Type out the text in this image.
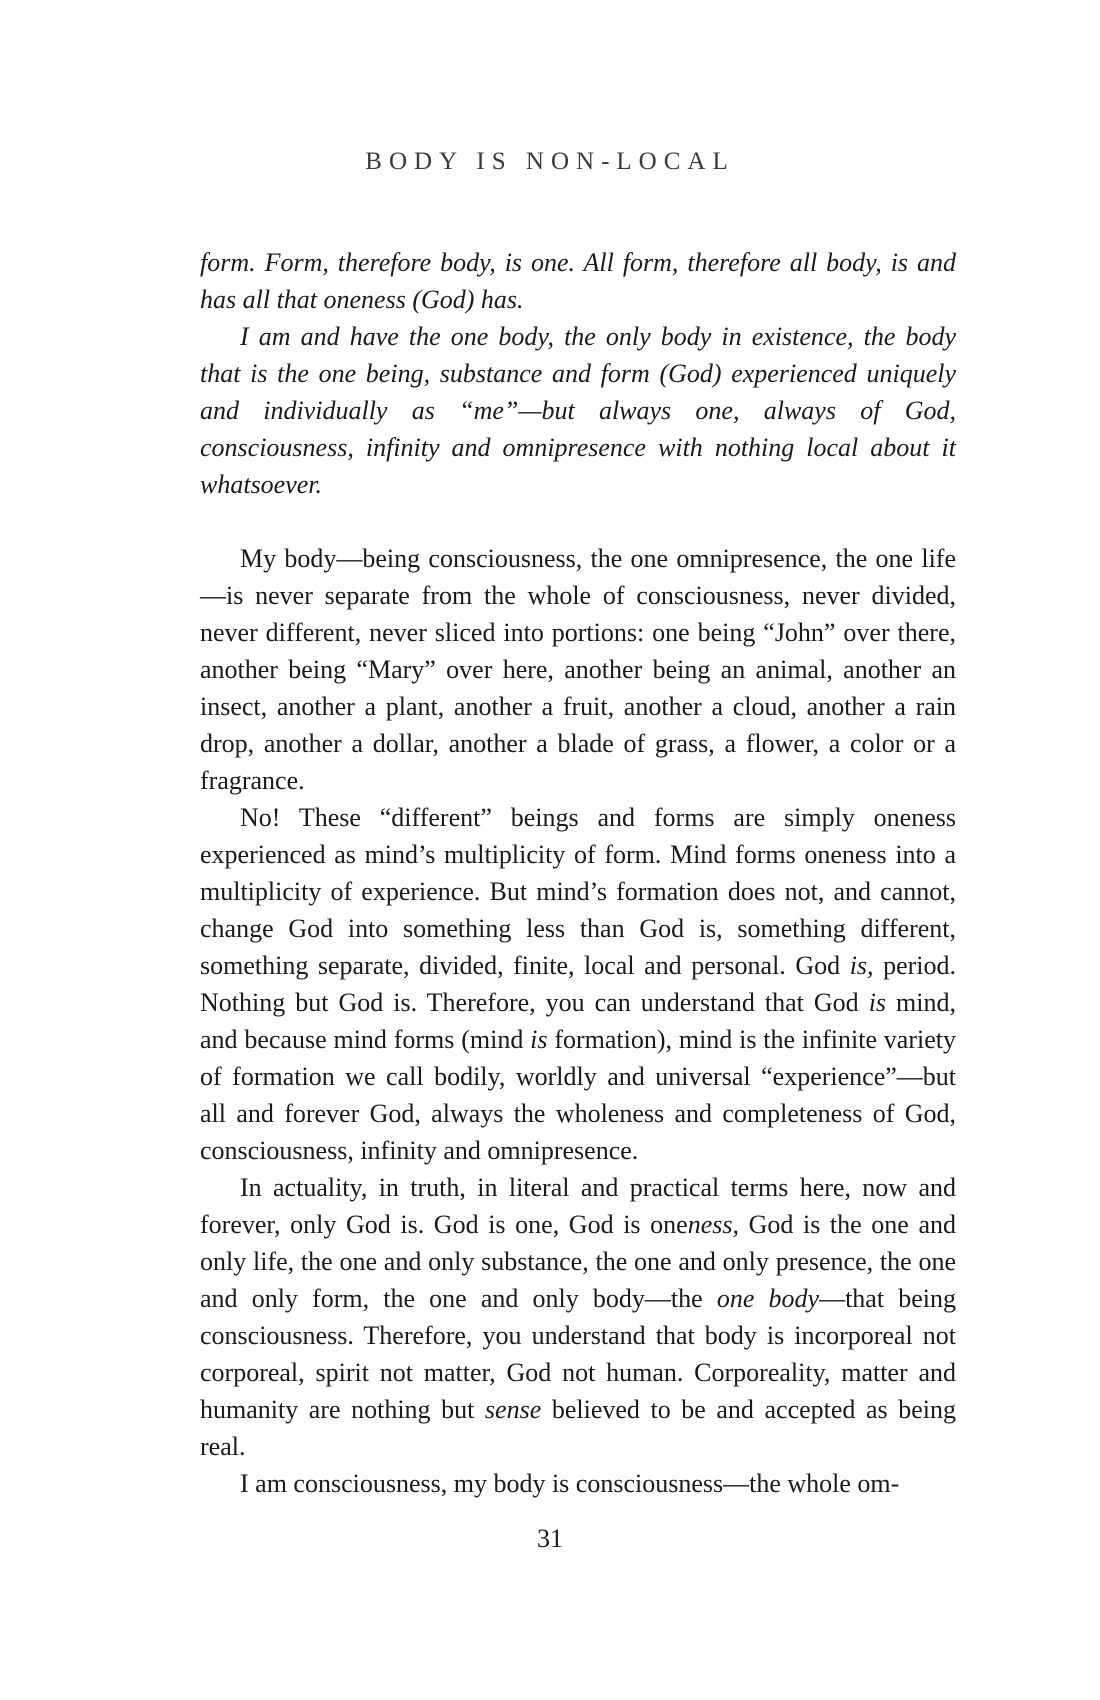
BODY IS NON-LOCAL

form. Form, therefore body, is one. All form, therefore all body, is and has all that oneness (God) has.

I am and have the one body, the only body in existence, the body that is the one being, substance and form (God) experienced uniquely and individually as “me”—but always one, always of God, consciousness, infinity and omnipresence with nothing local about it whatsoever.

My body—being consciousness, the one omnipresence, the one life—is never separate from the whole of consciousness, never divided, never different, never sliced into portions: one being “John” over there, another being “Mary” over here, another being an animal, another an insect, another a plant, another a fruit, another a cloud, another a rain drop, another a dollar, another a blade of grass, a flower, a color or a fragrance.

No! These “different” beings and forms are simply oneness experienced as mind’s multiplicity of form. Mind forms oneness into a multiplicity of experience. But mind’s formation does not, and cannot, change God into something less than God is, something different, something separate, divided, finite, local and personal. God is, period. Nothing but God is. Therefore, you can understand that God is mind, and because mind forms (mind is formation), mind is the infinite variety of formation we call bodily, worldly and universal “experience”—but all and forever God, always the wholeness and completeness of God, consciousness, infinity and omnipresence.

In actuality, in truth, in literal and practical terms here, now and forever, only God is. God is one, God is oneness, God is the one and only life, the one and only substance, the one and only presence, the one and only form, the one and only body—the one body—that being consciousness. Therefore, you understand that body is incorporeal not corporeal, spirit not matter, God not human. Corporeality, matter and humanity are nothing but sense believed to be and accepted as being real.

I am consciousness, my body is consciousness—the whole om-

31
